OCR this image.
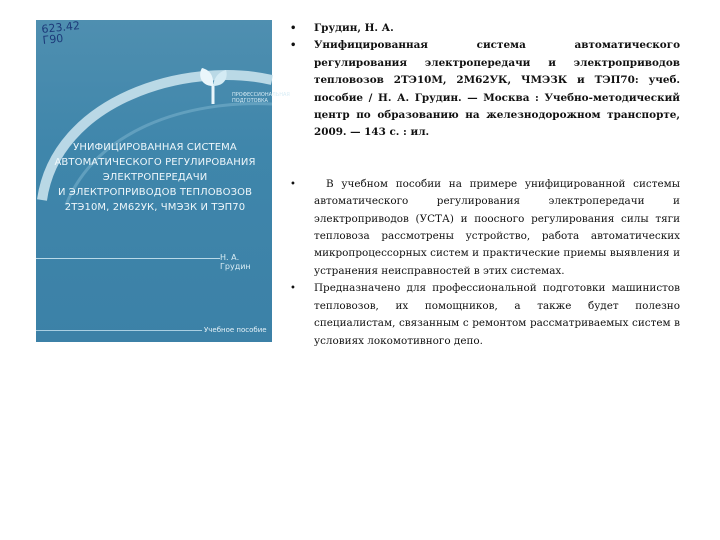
623.42
Г90
ПРОФЕССИОНАЛЬНАЯ ПОДГОТОВКА
УНИФИЦИРОВАННАЯ СИСТЕМА
АВТОМАТИЧЕСКОГО РЕГУЛИРОВАНИЯ
ЭЛЕКТРОПЕРЕДАЧИ
И ЭЛЕКТРОПРИВОДОВ ТЕПЛОВОЗОВ
2ТЭ10М, 2М62УК, ЧМЭЗК И ТЭП70
Н. А. Грудин
Учебное пособие
• Грудин, Н. А.
• Унифицированная система автоматического регулирования электропередачи и электроприводов тепловозов 2ТЭ10М, 2М62УК, ЧМЭЗК и ТЭП70: учеб. пособие / Н. А. Грудин. — Москва : Учебно-методический центр по образованию на железнодорожном транспорте, 2009. — 143 с. : ил.
•	В учебном пособии на примере унифицированной системы автоматического регулирования электропередачи и электроприводов (УСТА) и поосного регулирования силы тяги тепловоза рассмотрены устройство, работа автоматических микропроцессорных систем и практические приемы выявления и устранения неисправностей в этих системах.
• Предназначено для профессиональной подготовки машинистов тепловозов, их помощников, а также будет полезно специалистам, связанным с ремонтом рассматриваемых систем в условиях локомотивного депо.
